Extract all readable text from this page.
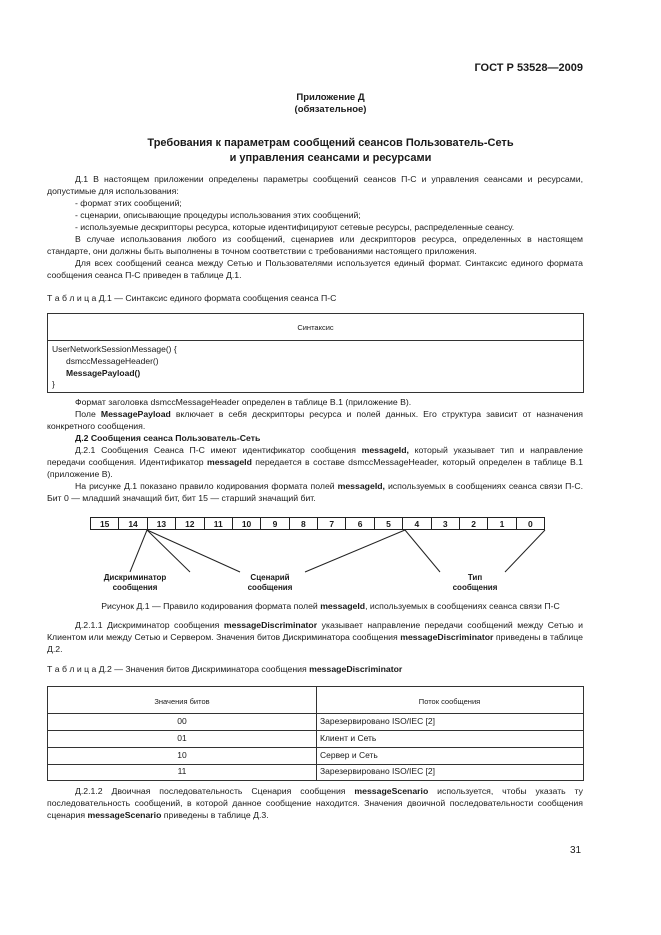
ГОСТ Р 53528—2009
Приложение Д
(обязательное)
Требования к параметрам сообщений сеансов Пользователь-Сеть
и управления сеансами и ресурсами

Д.1 В настоящем приложении определены параметры сообщений сеансов П-С и управления сеансами и ресурсами, допустимые для использования:

- формат этих сообщений;

- сценарии, описывающие процедуры использования этих сообщений;

- используемые дескрипторы ресурса, которые идентифицируют сетевые ресурсы, распределенные сеансу.

В случае использования любого из сообщений, сценариев или дескрипторов ресурса, определенных в настоящем стандарте, они должны быть выполнены в точном соответствии с требованиями настоящего приложения.

Для всех сообщений сеанса между Сетью и Пользователями используется единый формат. Синтаксис единого формата сообщения сеанса П-С приведен в таблице Д.1.

Т а б л и ц а Д.1 — Синтаксис единого формата сообщения сеанса П-С
Синтаксис
UserNetworkSessionMessage() {
dsmccMessageHeader()
MessagePayload()
}

Формат заголовка dsmccMessageHeader определен в таблице В.1 (приложение В).

Поле MessagePayload включает в себя дескрипторы ресурса и полей данных. Его структура зависит от назначения конкретного сообщения.

Д.2 Сообщения сеанса Пользователь-Сеть

Д.2.1 Сообщения Сеанса П-С имеют идентификатор сообщения messageId, который указывает тип и направление передачи сообщения. Идентификатор messageId передается в составе dsmccMessageHeader, который определен в таблице В.1 (приложение В).

На рисунке Д.1 показано правило кодирования формата полей messageId, используемых в сообщениях сеанса связи П-С. Бит 0 — младший значащий бит, бит 15 — старший значащий бит.

15	14	13	12	11	10	9	8	7	6	5	4	3	2	1	0
Дискриминатор
сообщения
Сценарий
сообщения
Тип
сообщения
Рисунок Д.1 — Правило кодирования формата полей messageId, используемых в сообщениях сеанса связи П-С

Д.2.1.1 Дискриминатор сообщения messageDiscriminator указывает направление передачи сообщений между Сетью и Клиентом или между Сетью и Сервером. Значения битов Дискриминатора сообщения messageDiscriminator приведены в таблице Д.2.

Т а б л и ц а Д.2 — Значения битов Дискриминатора сообщения messageDiscriminator
Значения битов	Поток сообщения
00	Зарезервировано ISO/IEC [2]
01	Клиент и Сеть
10	Сервер и Сеть
11	Зарезервировано ISO/IEC [2]

Д.2.1.2 Двоичная последовательность Сценария сообщения messageScenario используется, чтобы указать ту последовательность сообщений, в которой данное сообщение находится. Значения двоичной последовательности сообщения сценария messageScenario приведены в таблице Д.3.

31
